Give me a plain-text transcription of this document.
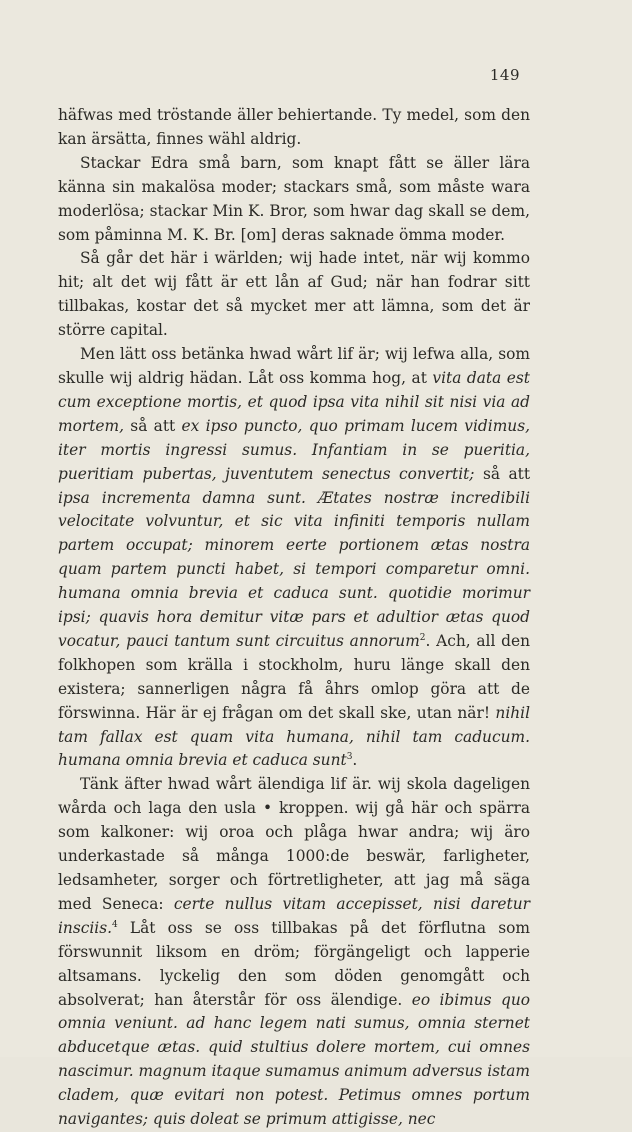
149

häfwas med tröstande äller behiertande. Ty medel, som den kan ärsätta, finnes wähl aldrig.

Stackar Edra små barn, som knapt fått se äller lära känna sin makalösa moder; stackars små, som måste wara moderlösa; stackar Min K. Bror, som hwar dag skall se dem, som påminna M. K. Br. [om] deras saknade ömma moder.

Så går det här i wärlden; wij hade intet, när wij kommo hit; alt det wij fått är ett lån af Gud; när han fodrar sitt tillbakas, kostar det så mycket mer att lämna, som det är större capital.

Men lätt oss betänka hwad wårt lif är; wij lefwa alla, som skulle wij aldrig hädan. Låt oss komma hog, at vita data est cum exceptione mortis, et quod ipsa vita nihil sit nisi via ad mortem, så att ex ipso puncto, quo primam lucem vidimus, iter mortis ingressi sumus. Infantiam in se pueritia, pueritiam pubertas, juventutem senectus convertit; så att ipsa incrementa damna sunt. Ætates nostræ incredibili velocitate volvuntur, et sic vita infiniti temporis nullam partem occupat; minorem eerte portionem ætas nostra quam partem puncti habet, si tempori comparetur omni. humana omnia brevia et caduca sunt. quotidie morimur ipsi; quavis hora demitur vitæ pars et adultior ætas quod vocatur, pauci tantum sunt circuitus annorum$^2$. Ach, all den folkhopen som krälla i stockholm, huru länge skall den existera; sannerligen några få åhrs omlop göra att de förswinna. Här är ej frågan om det skall ske, utan när! nihil tam fallax est quam vita humana, nihil tam caducum. humana omnia brevia et caduca sunt$^3$.

Tänk äfter hwad wårt älendiga lif är. wij skola dageligen wårda och laga den usla • kroppen. wij gå här och spärra som kalkoner: wij oroa och plåga hwar andra; wij äro underkastade så många 1000:de beswär, farligheter, ledsamheter, sorger och förtretligheter, att jag må säga med Seneca: certe nullus vitam accepisset, nisi daretur insciis.$^4$ Låt oss se oss tillbakas på det förflutna som förswunnit liksom en dröm; förgängeligt och lapperie altsamans. lyckelig den som döden genomgått och absolverat; han återstår för oss älendige. eo ibimus quo omnia veniunt. ad hanc legem nati sumus, omnia sternet abducetque ætas. quid stultius dolere mortem, cui omnes nascimur. magnum itaque sumamus animum adversus istam cladem, quæ evitari non potest. Petimus omnes portum navigantes; quis doleat se primum attigisse, nec
